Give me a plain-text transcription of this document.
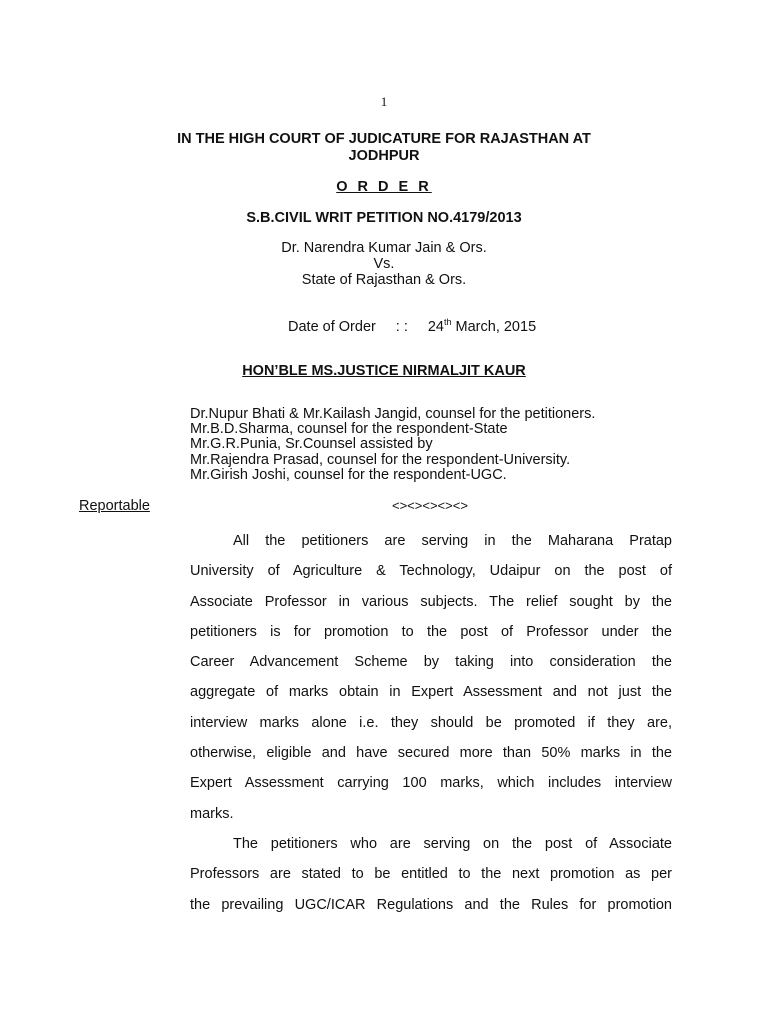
1
IN THE HIGH COURT OF JUDICATURE FOR RAJASTHAN AT
JODHPUR
O R D E R
S.B.CIVIL WRIT PETITION NO.4179/2013
Dr. Narendra Kumar Jain & Ors.
Vs.
State of Rajasthan & Ors.
Date of Order : : 24th March, 2015
HON’BLE MS.JUSTICE NIRMALJIT KAUR
Dr.Nupur Bhati & Mr.Kailash Jangid, counsel for the petitioners.
Mr.B.D.Sharma, counsel for the respondent-State
Mr.G.R.Punia, Sr.Counsel assisted by
Mr.Rajendra Prasad, counsel for the respondent-University.
Mr.Girish Joshi, counsel for the respondent-UGC.
Reportable	<><><><><>
All the petitioners are serving in the Maharana Pratap
University of Agriculture & Technology, Udaipur on the post of
Associate Professor in various subjects. The relief sought by the
petitioners is for promotion to the post of Professor under the
Career Advancement Scheme by taking into consideration the
aggregate of marks obtain in Expert Assessment and not just the
interview marks alone i.e. they should be promoted if they are,
otherwise, eligible and have secured more than 50% marks in the
Expert Assessment carrying 100 marks, which includes interview
marks.
The petitioners who are serving on the post of Associate
Professors are stated to be entitled to the next promotion as per
the prevailing UGC/ICAR Regulations and the Rules for promotion
